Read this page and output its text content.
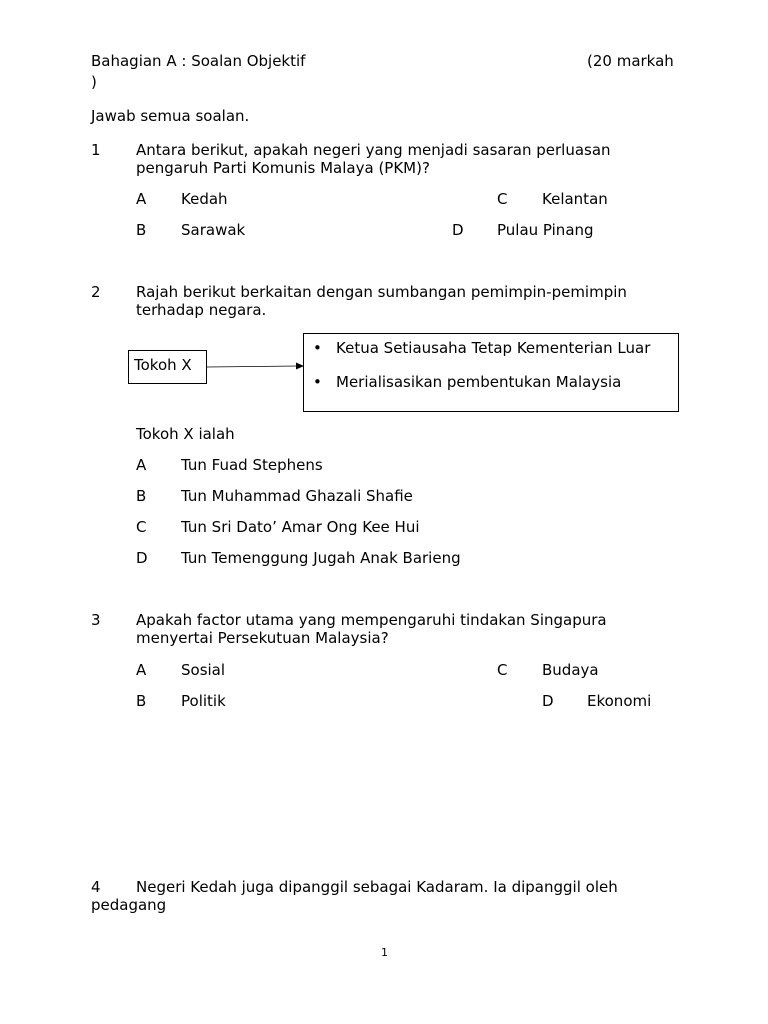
Bahagian A : Soalan Objektif	(20 markah
)
Jawab semua soalan.
1 Antara berikut, apakah negeri yang menjadi sasaran perluasan pengaruh Parti Komunis Malaya (PKM)?
A Kedah	C Kelantan
B Sarawak	D Pulau Pinang
2 Rajah berikut berkaitan dengan sumbangan pemimpin-pemimpin terhadap negara.
Tokoh X
• Ketua Setiausaha Tetap Kementerian Luar
• Merialisasikan pembentukan Malaysia
Tokoh X ialah
A Tun Fuad Stephens
B Tun Muhammad Ghazali Shafie
C Tun Sri Dato’ Amar Ong Kee Hui
D Tun Temenggung Jugah Anak Barieng
3 Apakah factor utama yang mempengaruhi tindakan Singapura menyertai Persekutuan Malaysia?
A Sosial	C Budaya
B Politik	D Ekonomi
4 Negeri Kedah juga dipanggil sebagai Kadaram. Ia dipanggil oleh
pedagang
1
